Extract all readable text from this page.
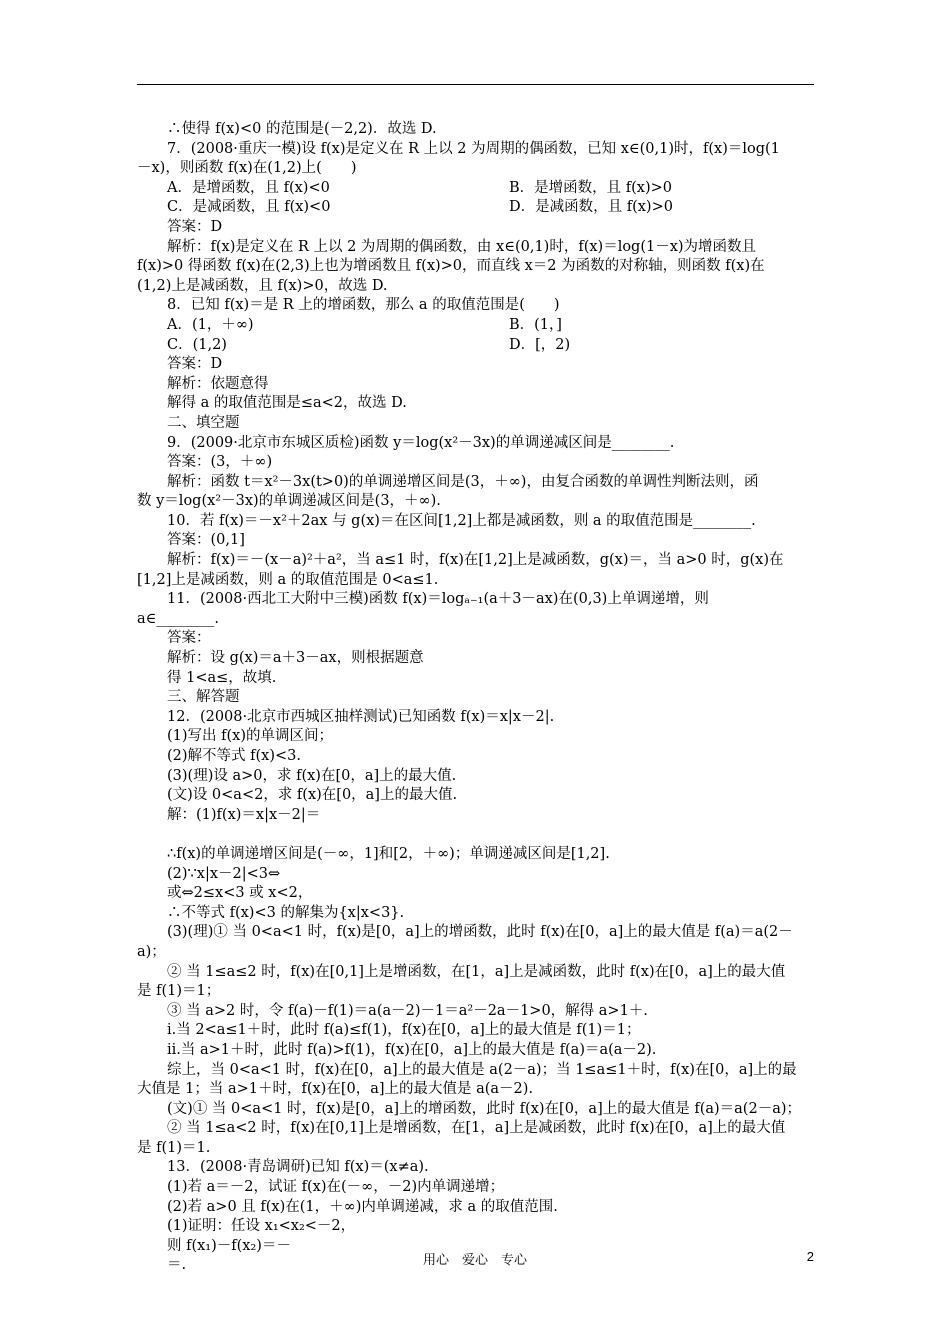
∴使得 f(x)<0 的范围是(－2,2)．故选 D.
7．(2008·重庆一模)设 f(x)是定义在 R 上以 2 为周期的偶函数，已知 x∈(0,1)时，f(x)＝log(1
－x)，则函数 f(x)在(1,2)上(　　)
A．是增函数，且 f(x)<0	B．是增函数，且 f(x)>0
C．是减函数，且 f(x)<0	D．是减函数，且 f(x)>0
答案：D
解析：f(x)是定义在 R 上以 2 为周期的偶函数，由 x∈(0,1)时，f(x)＝log(1－x)为增函数且
f(x)>0 得函数 f(x)在(2,3)上也为增函数且 f(x)>0，而直线 x＝2 为函数的对称轴，则函数 f(x)在
(1,2)上是减函数，且 f(x)>0，故选 D.
8．已知 f(x)＝是 R 上的增函数，那么 a 的取值范围是(　　)
A．(1，＋∞)	B．(1，]
C．(1,2)	D．[，2)
答案：D
解析：依题意得
解得 a 的取值范围是≤a<2，故选 D.
二、填空题
9．(2009·北京市东城区质检)函数 y＝log(x²－3x)的单调递减区间是________.
答案：(3，＋∞)
解析：函数 t＝x²－3x(t>0)的单调递增区间是(3，＋∞)，由复合函数的单调性判断法则，函
数 y＝log(x²－3x)的单调递减区间是(3，＋∞).
10．若 f(x)＝－x²＋2ax 与 g(x)＝在区间[1,2]上都是减函数，则 a 的取值范围是________.
答案：(0,1]
解析：f(x)＝－(x－a)²＋a²，当 a≤1 时，f(x)在[1,2]上是减函数，g(x)＝，当 a>0 时，g(x)在
[1,2]上是减函数，则 a 的取值范围是 0<a≤1.
11．(2008·西北工大附中三模)函数 f(x)＝logₐ₋₁(a＋3－ax)在(0,3)上单调递增，则
a∈________.
答案：
解析：设 g(x)＝a＋3－ax，则根据题意
得 1<a≤，故填.
三、解答题
12．(2008·北京市西城区抽样测试)已知函数 f(x)＝x|x－2|.
(1)写出 f(x)的单调区间；
(2)解不等式 f(x)<3.
(3)(理)设 a>0，求 f(x)在[0，a]上的最大值.
(文)设 0<a<2，求 f(x)在[0，a]上的最大值.
解：(1)f(x)＝x|x－2|＝
∴f(x)的单调递增区间是(－∞，1]和[2，＋∞)；单调递减区间是[1,2].
(2)∵x|x－2|<3⇔
或⇔2≤x<3 或 x<2，
∴不等式 f(x)<3 的解集为{x|x<3}.
(3)(理)① 当 0<a<1 时，f(x)是[0，a]上的增函数，此时 f(x)在[0，a]上的最大值是 f(a)＝a(2－
a)；
② 当 1≤a≤2 时，f(x)在[0,1]上是增函数，在[1，a]上是减函数，此时 f(x)在[0，a]上的最大值
是 f(1)＝1；
③ 当 a>2 时，令 f(a)－f(1)＝a(a－2)－1＝a²－2a－1>0，解得 a>1＋.
ⅰ.当 2<a≤1＋时，此时 f(a)≤f(1)，f(x)在[0，a]上的最大值是 f(1)＝1；
ⅱ.当 a>1＋时，此时 f(a)>f(1)，f(x)在[0，a]上的最大值是 f(a)＝a(a－2).
综上，当 0<a<1 时，f(x)在[0，a]上的最大值是 a(2－a)；当 1≤a≤1＋时，f(x)在[0，a]上的最
大值是 1；当 a>1＋时，f(x)在[0，a]上的最大值是 a(a－2).
(文)① 当 0<a<1 时，f(x)是[0，a]上的增函数，此时 f(x)在[0，a]上的最大值是 f(a)＝a(2－a)；
② 当 1≤a<2 时，f(x)在[0,1]上是增函数，在[1，a]上是减函数，此时 f(x)在[0，a]上的最大值
是 f(1)＝1.
13．(2008·青岛调研)已知 f(x)＝(x≠a).
(1)若 a＝－2，试证 f(x)在(－∞，－2)内单调递增；
(2)若 a>0 且 f(x)在(1，＋∞)内单调递减，求 a 的取值范围.
(1)证明：任设 x₁<x₂<－2，
则 f(x₁)－f(x₂)＝－
＝.	用心　爱心　专心	2
